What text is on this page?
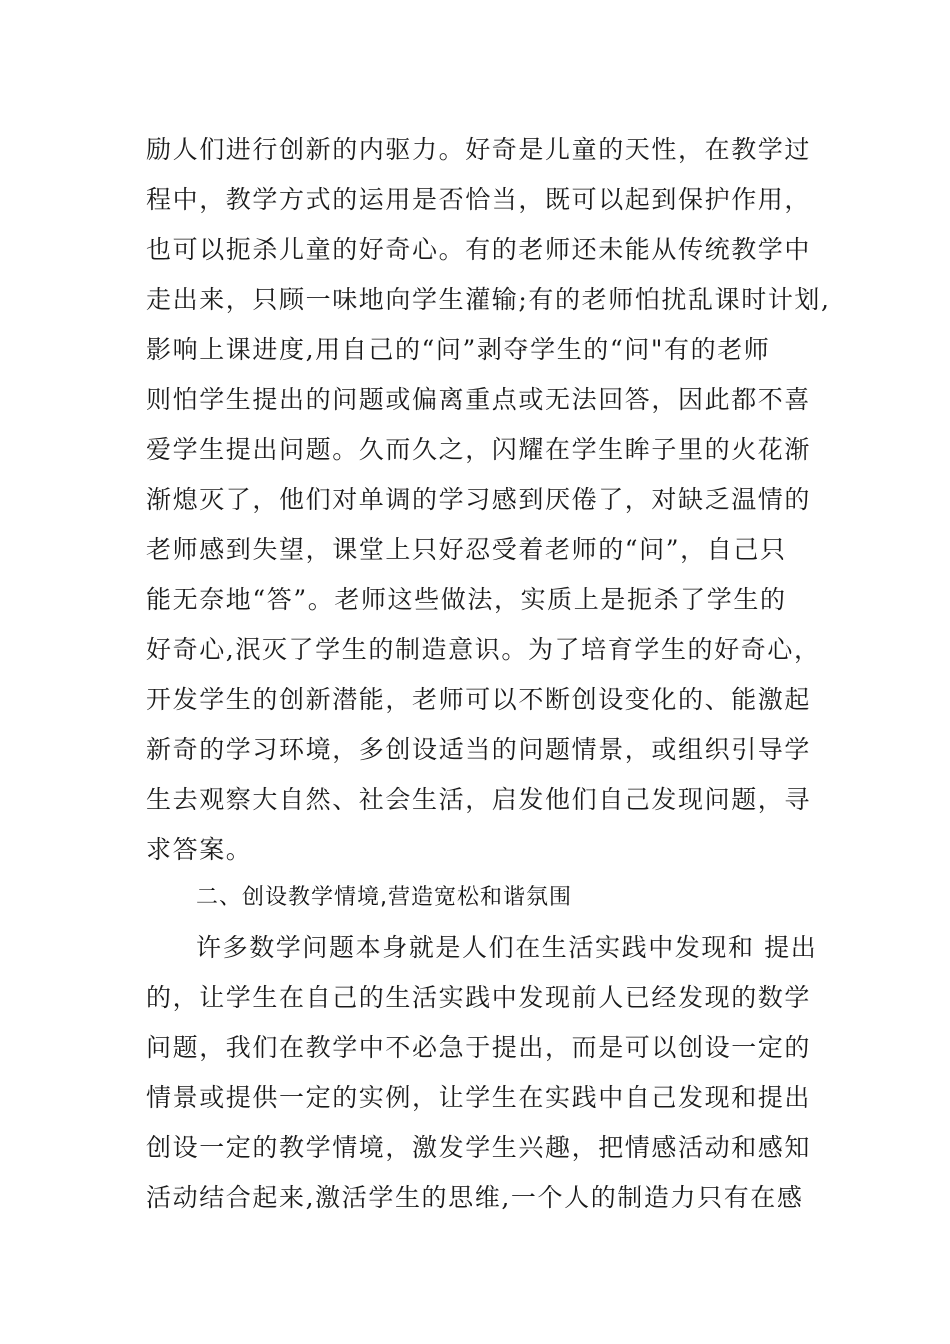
励人们进行创新的内驱力。好奇是儿童的天性，在教学过
程中，教学方式的运用是否恰当，既可以起到保护作用，
也可以扼杀儿童的好奇心。有的老师还未能从传统教学中
走出来，只顾一味地向学生灌输;有的老师怕扰乱课时计划,
影响上课进度,用自己的“问”剥夺学生的“问"有的老师
则怕学生提出的问题或偏离重点或无法回答，因此都不喜
爱学生提出问题。久而久之，闪耀在学生眸子里的火花渐
渐熄灭了，他们对单调的学习感到厌倦了，对缺乏温情的
老师感到失望，课堂上只好忍受着老师的“问”，自己只
能无奈地“答”。老师这些做法，实质上是扼杀了学生的
好奇心,泯灭了学生的制造意识。为了培育学生的好奇心，
开发学生的创新潜能，老师可以不断创设变化的、能激起
新奇的学习环境，多创设适当的问题情景，或组织引导学
生去观察大自然、社会生活，启发他们自己发现问题，寻
求答案。
二、创设教学情境,营造宽松和谐氛围
许多数学问题本身就是人们在生活实践中发现和 提出
的，让学生在自己的生活实践中发现前人已经发现的数学
问题，我们在教学中不必急于提出，而是可以创设一定的
情景或提供一定的实例，让学生在实践中自己发现和提出
创设一定的教学情境，激发学生兴趣，把情感活动和感知
活动结合起来,激活学生的思维,一个人的制造力只有在感
